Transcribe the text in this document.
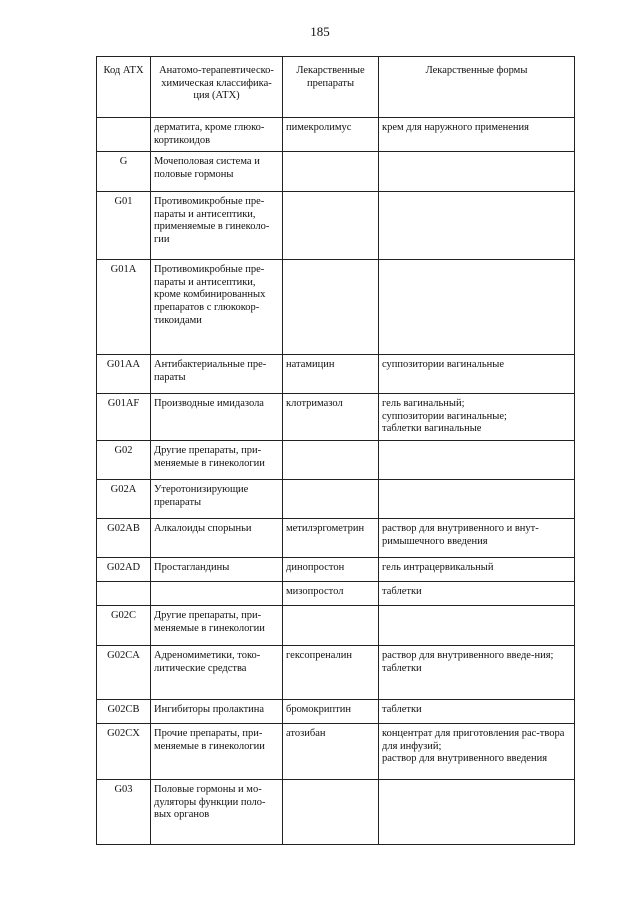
185
Код АТХ	Анатомо-терапевтическо-химическая классифика-ция (АТХ)	Лекарственные препараты	Лекарственные формы
	дерматита, кроме глюко-кортикоидов	пимекролимус	крем для наружного применения

G	Мочеполовая система и половые гормоны		
G01	Противомикробные пре-параты и антисептики, применяемые в гинеколо-гии		
G01A	Противомикробные пре-параты и антисептики, кроме комбинированных препаратов с глюкокор-тикоидами		
G01AA	Антибактериальные пре-параты	натамицин	суппозитории вагинальные

G01AF	Производные имидазола	клотримазол	гель вагинальный;
суппозитории вагинальные;
таблетки вагинальные

G02	Другие препараты, при-меняемые в гинекологии		
G02A	Утеротонизирующие препараты		
G02AB	Алкалоиды спорыньи	метилэргометрин	раствор для внутривенного и внут-римышечного введения

G02AD	Простагландины	динопростон	гель интрацервикальный

		мизопростол	таблетки

G02C	Другие препараты, при-меняемые в гинекологии		
G02CA	Адреномиметики, токо-литические средства	гексопреналин	раствор для внутривенного введе-ния;
таблетки

G02CB	Ингибиторы пролактина	бромокриптин	таблетки

G02CX	Прочие препараты, при-меняемые в гинекологии	атозибан	концентрат для приготовления рас-твора для инфузий;
раствор для внутривенного введения

G03	Половые гормоны и мо-дуляторы функции поло-вых органов		
